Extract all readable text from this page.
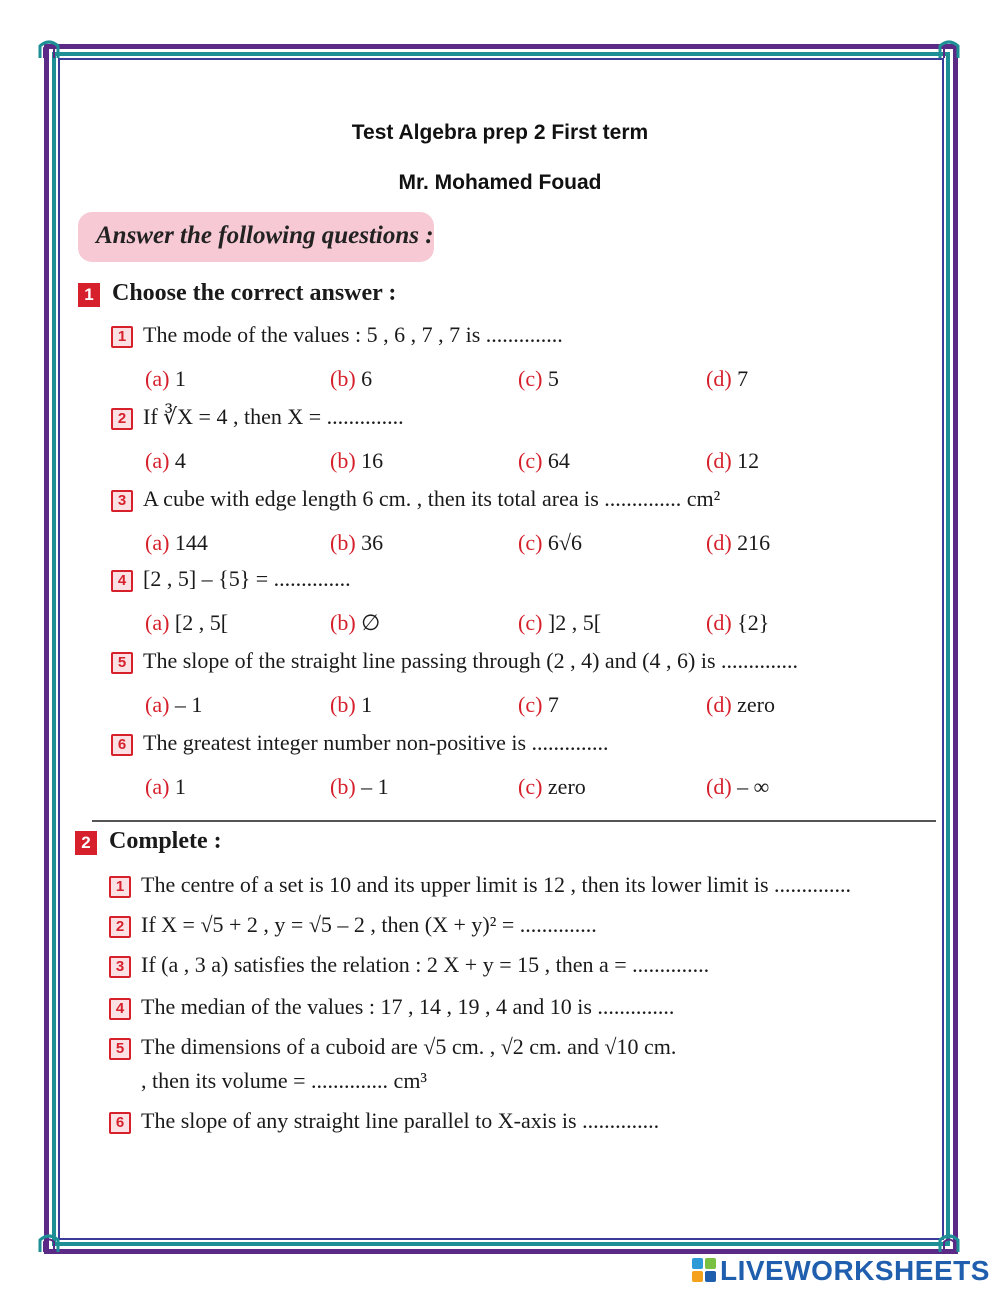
Test Algebra prep 2 First term
Mr. Mohamed Fouad
Answer the following questions :
1 Choose the correct answer :
1 The mode of the values : 5 , 6 , 7 , 7 is ..............
(a) 1	(b) 6	(c) 5	(d) 7
2 If ∛X = 4 , then X = ..............
(a) 4	(b) 16	(c) 64	(d) 12
3 A cube with edge length 6 cm. , then its total area is .............. cm²
(a) 144	(b) 36	(c) 6√6	(d) 216
4 [2 , 5] – {5} = ..............
(a) [2 , 5[	(b) ∅	(c) ]2 , 5[	(d) {2}
5 The slope of the straight line passing through (2 , 4) and (4 , 6) is ..............
(a) – 1	(b) 1	(c) 7	(d) zero
6 The greatest integer number non-positive is ..............
(a) 1	(b) – 1	(c) zero	(d) – ∞
2 Complete :
1 The centre of a set is 10 and its upper limit is 12 , then its lower limit is ..............
2 If X = √5 + 2 , y = √5 – 2 , then (X + y)² = ..............
3 If (a , 3 a) satisfies the relation : 2 X + y = 15 , then a = ..............
4 The median of the values : 17 , 14 , 19 , 4 and 10 is ..............
5 The dimensions of a cuboid are √5 cm. , √2 cm. and √10 cm.
, then its volume = .............. cm³
6 The slope of any straight line parallel to X-axis is ..............
LIVEWORKSHEETS
